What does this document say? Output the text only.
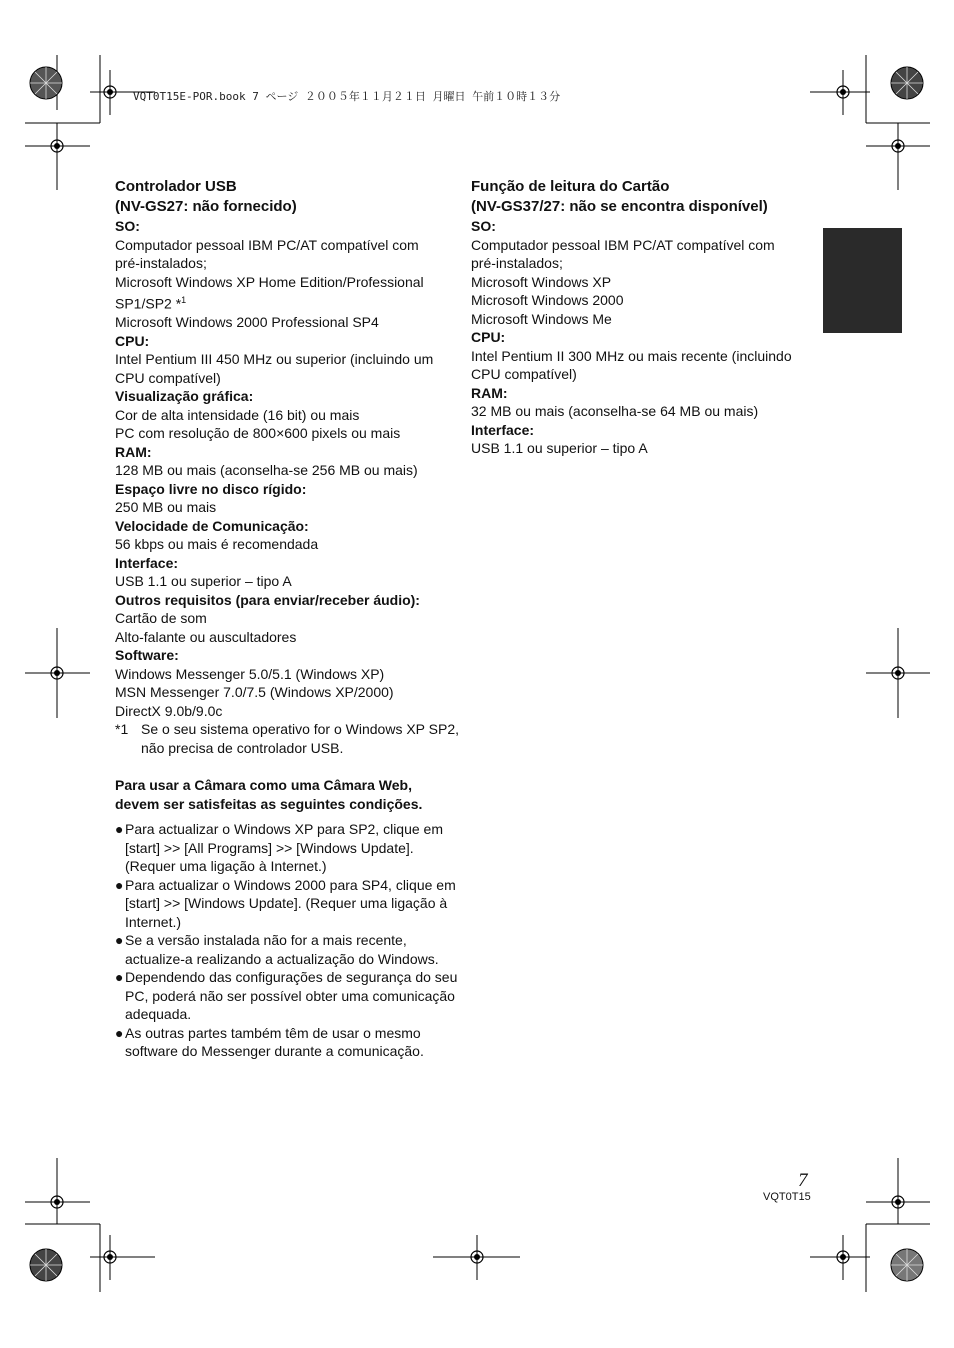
VQT0T15E-POR.book 7 ページ ２００５年１１月２１日 月曜日 午前１０時１３分
Controlador USB
(NV-GS27: não fornecido)
SO:
Computador pessoal IBM PC/AT compatível com
pré-instalados;
Microsoft Windows XP Home Edition/Professional
SP1/SP2 *$^1$
Microsoft Windows 2000 Professional SP4
CPU:
Intel Pentium III 450 MHz ou superior (incluindo um
CPU compatível)
Visualização gráfica:
Cor de alta intensidade (16 bit) ou mais
PC com resolução de 800×600 pixels ou mais
RAM:
128 MB ou mais (aconselha-se 256 MB ou mais)
Espaço livre no disco rígido:
250 MB ou mais
Velocidade de Comunicação:
56 kbps ou mais é recomendada
Interface:
USB 1.1 ou superior – tipo A
Outros requisitos (para enviar/receber áudio):
Cartão de som
Alto-falante ou auscultadores
Software:
Windows Messenger 5.0/5.1 (Windows XP)
MSN Messenger 7.0/7.5 (Windows XP/2000)
DirectX 9.0b/9.0c
*1 Se o seu sistema operativo for o Windows XP SP2, não precisa de controlador USB.
Para usar a Câmara como uma Câmara Web,
devem ser satisfeitas as seguintes condições.
● Para actualizar o Windows XP para SP2, clique em [start] >> [All Programs] >> [Windows Update]. (Requer uma ligação à Internet.)
● Para actualizar o Windows 2000 para SP4, clique em [start] >> [Windows Update]. (Requer uma ligação à Internet.)
● Se a versão instalada não for a mais recente, actualize-a realizando a actualização do Windows.
● Dependendo das configurações de segurança do seu PC, poderá não ser possível obter uma comunicação adequada.
● As outras partes também têm de usar o mesmo software do Messenger durante a comunicação.
Função de leitura do Cartão
(NV-GS37/27: não se encontra disponível)
SO:
Computador pessoal IBM PC/AT compatível com
pré-instalados;
Microsoft Windows XP
Microsoft Windows 2000
Microsoft Windows Me
CPU:
Intel Pentium II 300 MHz ou mais recente (incluindo
CPU compatível)
RAM:
32 MB ou mais (aconselha-se 64 MB ou mais)
Interface:
USB 1.1 ou superior – tipo A
7
VQT0T15
